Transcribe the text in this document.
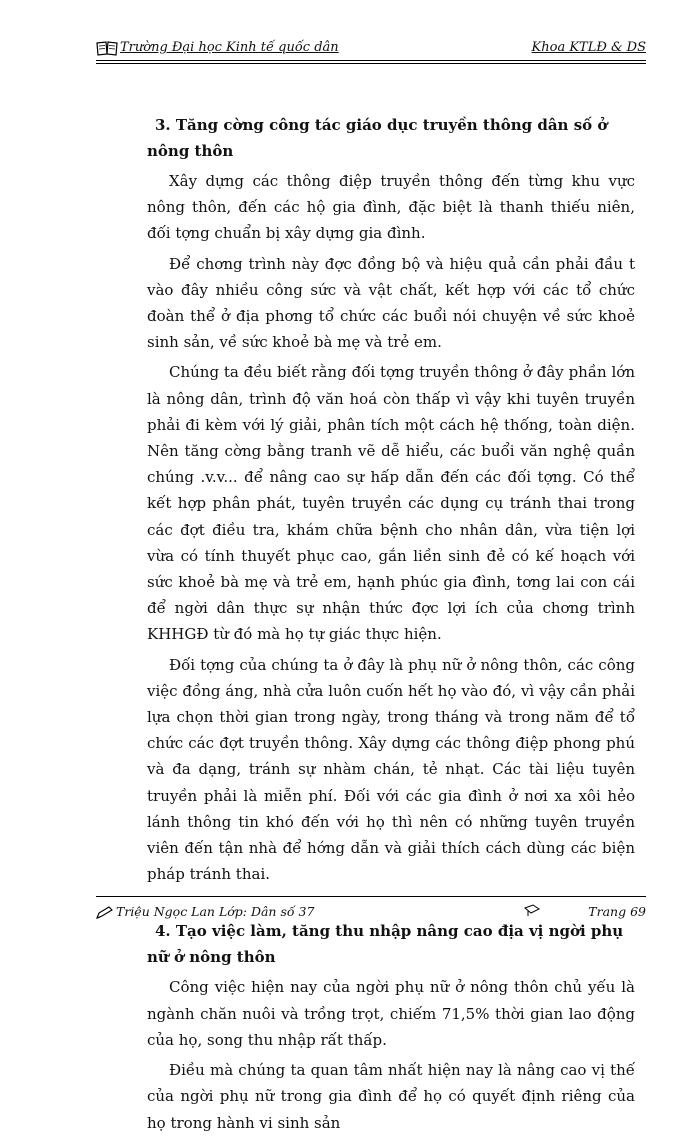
Trường Đại học Kinh tế quốc dân	Khoa KTLĐ & DS

3. Tăng cờng công tác giáo dục truyền thông dân số ở nông thôn

Xây dựng các thông điệp truyền thông đến từng khu vực nông thôn, đến các hộ gia đình, đặc biệt là thanh thiếu niên, đối tợng chuẩn bị xây dựng gia đình.

Để chơng trình này đợc đồng bộ và hiệu quả cần phải đầu t vào đây nhiều công sức và vật chất, kết hợp với các tổ chức đoàn thể ở địa phơng tổ chức các buổi nói chuyện về sức khoẻ sinh sản, về sức khoẻ bà mẹ và trẻ em.

Chúng ta đều biết rằng đối tợng truyền thông ở đây phần lớn là nông dân, trình độ văn hoá còn thấp vì vậy khi tuyên truyền phải đi kèm với lý giải, phân tích một cách hệ thống, toàn diện. Nên tăng cờng bằng tranh vẽ dễ hiểu, các buổi văn nghệ quần chúng .v.v... để nâng cao sự hấp dẫn đến các đối tợng. Có thể kết hợp phân phát, tuyên truyền các dụng cụ tránh thai trong các đợt điều tra, khám chữa bệnh cho nhân dân, vừa tiện lợi vừa có tính thuyết phục cao, gắn liền sinh đẻ có kế hoạch với sức khoẻ bà mẹ và trẻ em, hạnh phúc gia đình, tơng lai con cái để ngời dân thực sự nhận thức đợc lợi ích của chơng trình KHHGĐ từ đó mà họ tự giác thực hiện.

Đối tợng của chúng ta ở đây là phụ nữ ở nông thôn, các công việc đồng áng, nhà cửa luôn cuốn hết họ vào đó, vì vậy cần phải lựa chọn thời gian trong ngày, trong tháng và trong năm để tổ chức các đợt truyền thông. Xây dựng các thông điệp phong phú và đa dạng, tránh sự nhàm chán, tẻ nhạt. Các tài liệu tuyên truyền phải là miễn phí. Đối với các gia đình ở nơi xa xôi hẻo lánh thông tin khó đến với họ thì nên có những tuyên truyền viên đến tận nhà để hớng dẫn và giải thích cách dùng các biện pháp tránh thai.

4. Tạo việc làm, tăng thu nhập nâng cao địa vị ngời phụ nữ ở nông thôn

Công việc hiện nay của ngời phụ nữ ở nông thôn chủ yếu là ngành chăn nuôi và trồng trọt, chiếm 71,5% thời gian lao động của họ, song thu nhập rất thấp.

Điều mà chúng ta quan tâm nhất hiện nay là nâng cao vị thế của ngời phụ nữ trong gia đình để họ có quyết định riêng của họ trong hành vi sinh sản

Triệu Ngọc Lan Lớp: Dân số 37	Trang 69
